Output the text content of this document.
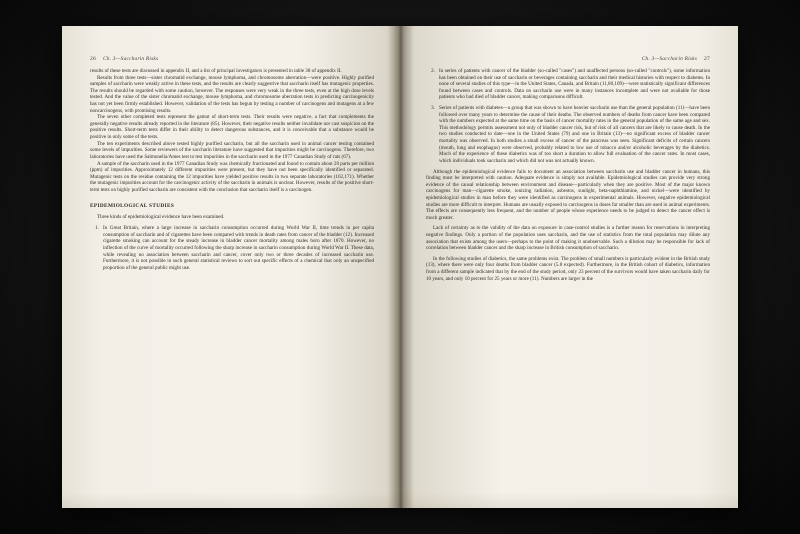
26 Ch. 3—Saccharin Risks

results of these tests are discussed in appendix II, and a list of principal investigators is presented in table 38 of appendix II.

Results from three tests—sister chromatid exchange, mouse lymphoma, and chromosome aberration—were positive. Highly purified samples of saccharin were weakly active in these tests, and the results are clearly suggestive that saccharin itself has mutagenic properties. The results should be regarded with some caution, however. The responses were very weak in the three tests, even at the high dose levels tested. And the value of the sister chromatid exchange, mouse lymphoma, and chromosome aberration tests in predicting carcinogenicity has not yet been firmly established. However, validation of the tests has begun by testing a number of carcinogens and mutagens at a few noncarcinogens, with promising results.

The seven other completed tests represent the gamut of short-term tests. Their results were negative, a fact that complements the generally negative results already reported in the literature (85). However, their negative results neither invalidate nor cast suspicion on the positive results. Short-term tests differ in their ability to detect dangerous substances, and it is conceivable that a substance would be positive in only some of the tests.

The ten experiments described above tested highly purified saccharin, but all the saccharin used in animal cancer testing contained some levels of impurities. Some reviewers of the saccharin literature have suggested that impurities might be carcinogens. Therefore, two laboratories have used the Salmonella/Ames test to test impurities in the saccharin used in the 1977 Canadian Study of rats (67).

A sample of the saccharin used in the 1977 Canadian Study was chemically fractionated and found to contain about 20 parts per million (ppm) of impurities. Approximately 12 different impurities were present, but they have not been specifically identified or separated. Mutagenic tests on the residue containing the 12 impurities have yielded positive results in two separate laboratories (162,171). Whether the mutagenic impurities account for the carcinogenic activity of the saccharin in animals is unclear. However, results of the positive short-term tests on highly purified saccharin are consistent with the conclusion that saccharin itself is a carcinogen.

EPIDEMIOLOGICAL STUDIES

Three kinds of epidemiological evidence have been examined.

1. In Great Britain, where a large increase in saccharin consumption occurred during World War II, time trends in per capita consumption of saccharin and of cigarettes have been compared with trends in death rates from cancer of the bladder (12). Increased cigarette smoking can account for the steady increase in bladder cancer mortality among males born after 1870. However, no inflection of the curve of mortality occurred following the sharp increase in saccharin consumption during World War II. These data, while revealing no association between saccharin and cancer, cover only two or three decades of increased saccharin use. Furthermore, it is not possible in such general statistical reviews to sort out specific effects of a chemical that only an unspecified proportion of the general public might use.
Ch. 3—Saccharin Risks 27
2. In series of patients with cancer of the bladder (so-called "cases") and unaffected persons (so-called "controls"), some information has been obtained on their use of saccharin or beverages containing saccharin and their medical histories with respect to diabetes. In none of several studies of this type—in the United States, Canada, and Britain (11,80,109)—were statistically significant differences found between cases and controls. Data on saccharin use were in many instances incomplete and were not available for those patients who had died of bladder cancer, making comparisons difficult.
3. Series of patients with diabetes—a group that was shown to have heavier saccharin use than the general population (11)—have been followed over many years to determine the cause of their deaths. The observed numbers of deaths from cancer have been compared with the numbers expected at the same time on the basis of cancer mortality rates in the general population of the same age and sex. This methodology permits assessment not only of bladder cancer risk, but of risk of all cancers that are likely to cause death. In the two studies conducted to date—one in the United States (79) and one in Britain (13)—no significant excess of bladder cancer mortality was observed. In both studies a small excess of cancer of the pancreas was seen. Significant deficits of certain cancers (mouth, lung and esophagus) were observed, probably related to low use of tobacco and/or alcoholic beverages by the diabetics. Much of the experience of these diabetics was of too short a duration to allow full evaluation of the cancer rates. In most cases, which individuals took saccharin and which did not was not actually known.

Although the epidemiological evidence fails to document an association between saccharin use and bladder cancer in humans, this finding must be interpreted with caution. Adequate evidence is simply not available. Epidemiological studies can provide very strong evidence of the causal relationship between environment and disease—particularly when they are positive. Most of the major known carcinogens for man—cigarette smoke, ionizing radiation, asbestos, sunlight, beta-naphthlamine, and nickel—were identified by epidemiological studies in man before they were identified as carcinogens in experimental animals. However, negative epidemiological studies are more difficult to interpret. Humans are usually exposed to carcinogens in doses far smaller than are used in animal experiments. The effects are consequently less frequent, and the number of people whose experience needs to be judged to detect the cancer effect is much greater.

Lack of certainty as to the validity of the data on exposure in case-control studies is a further reason for reservations in interpreting negative findings. Only a portion of the population uses saccharin, and the use of statistics from the total population may dilute any association that exists among the users—perhaps to the point of making it unobservable. Such a dilution may be responsible for lack of correlation between bladder cancer and the sharp increase in British consumption of saccharin.

In the following studies of diabetics, the same problems exist. The problem of small numbers is particularly evident in the British study (13), where there were only four deaths from bladder cancer (5.8 expected). Furthermore, in the British cohort of diabetics, information from a different sample indicated that by the end of the study period, only 23 percent of the survivors would have taken saccharin daily for 10 years, and only 10 percent for 25 years or more (11). Numbers are larger in the
